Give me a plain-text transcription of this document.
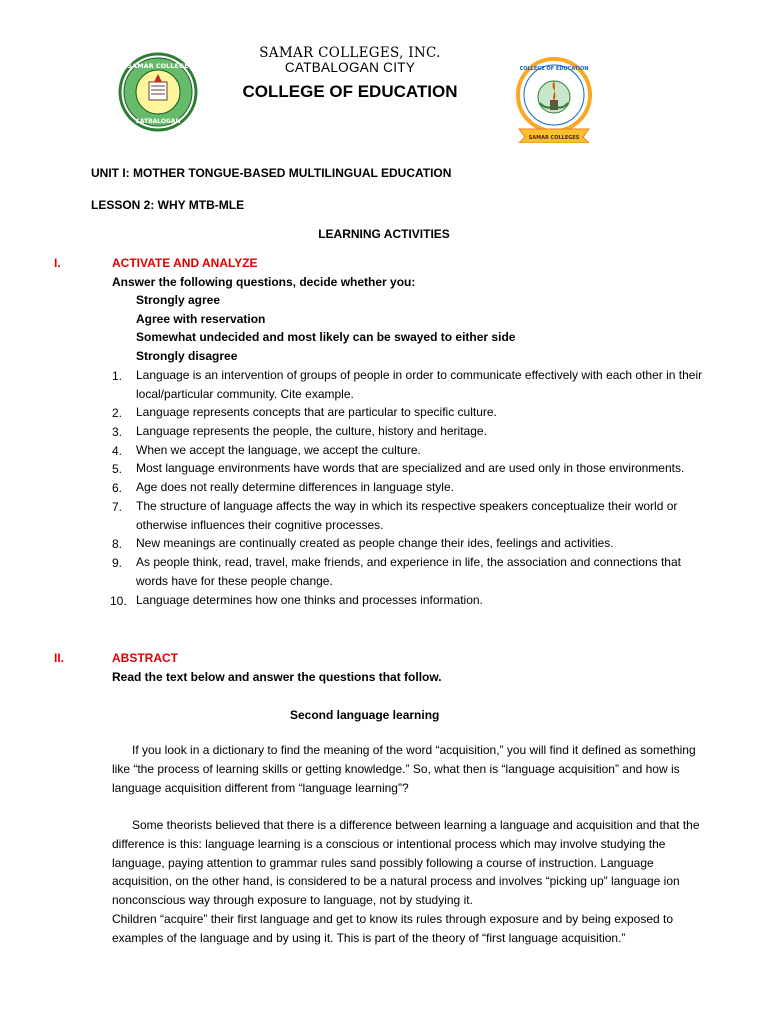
SAMAR COLLEGE
CATBALOGAN
SAMAR COLLEGES, INC.
CATBALOGAN CITY
COLLEGE OF EDUCATION
COLLEGE OF EDUCATION
SAMAR COLLEGES
UNIT I: MOTHER TONGUE-BASED MULTILINGUAL EDUCATION
LESSON 2: WHY MTB-MLE
LEARNING ACTIVITIES
I.	ACTIVATE AND ANALYZE
Answer the following questions, decide whether you:
Strongly agree
Agree with reservation
Somewhat undecided and most likely can be swayed to either side
Strongly disagree
1.	Language is an intervention of groups of people in order to communicate effectively with each other in their local/particular community. Cite example.
2.	Language represents concepts that are particular to specific culture.
3.	Language represents the people, the culture, history and heritage.
4.	When we accept the language, we accept the culture.
5.	Most language environments have words that are specialized and are used only in those environments.
6.	Age does not really determine differences in language style.
7.	The structure of language affects the way in which its respective speakers conceptualize their world or otherwise influences their cognitive processes.
8.	New meanings are continually created as people change their ides, feelings and activities.
9.	As people think, read, travel, make friends, and experience in life, the association and connections that words have for these people change.
10. Language determines how one thinks and processes information.
II.	ABSTRACT
Read the text below and answer the questions that follow.
Second language learning
If you look in a dictionary to find the meaning of the word “acquisition,” you will find it defined as something like “the process of learning skills or getting knowledge.” So, what then is “language acquisition” and how is language acquisition different from “language learning”?
Some theorists believed that there is a difference between learning a language and acquisition and that the difference is this: language learning is a conscious or intentional process which may involve studying the language, paying attention to grammar rules sand possibly following a course of instruction. Language acquisition, on the other hand, is considered to be a natural process and involves “picking up” language ion nonconscious way through exposure to language, not by studying it.
Children “acquire” their first language and get to know its rules through exposure and by being exposed to examples of the language and by using it. This is part of the theory of “first language acquisition.”
